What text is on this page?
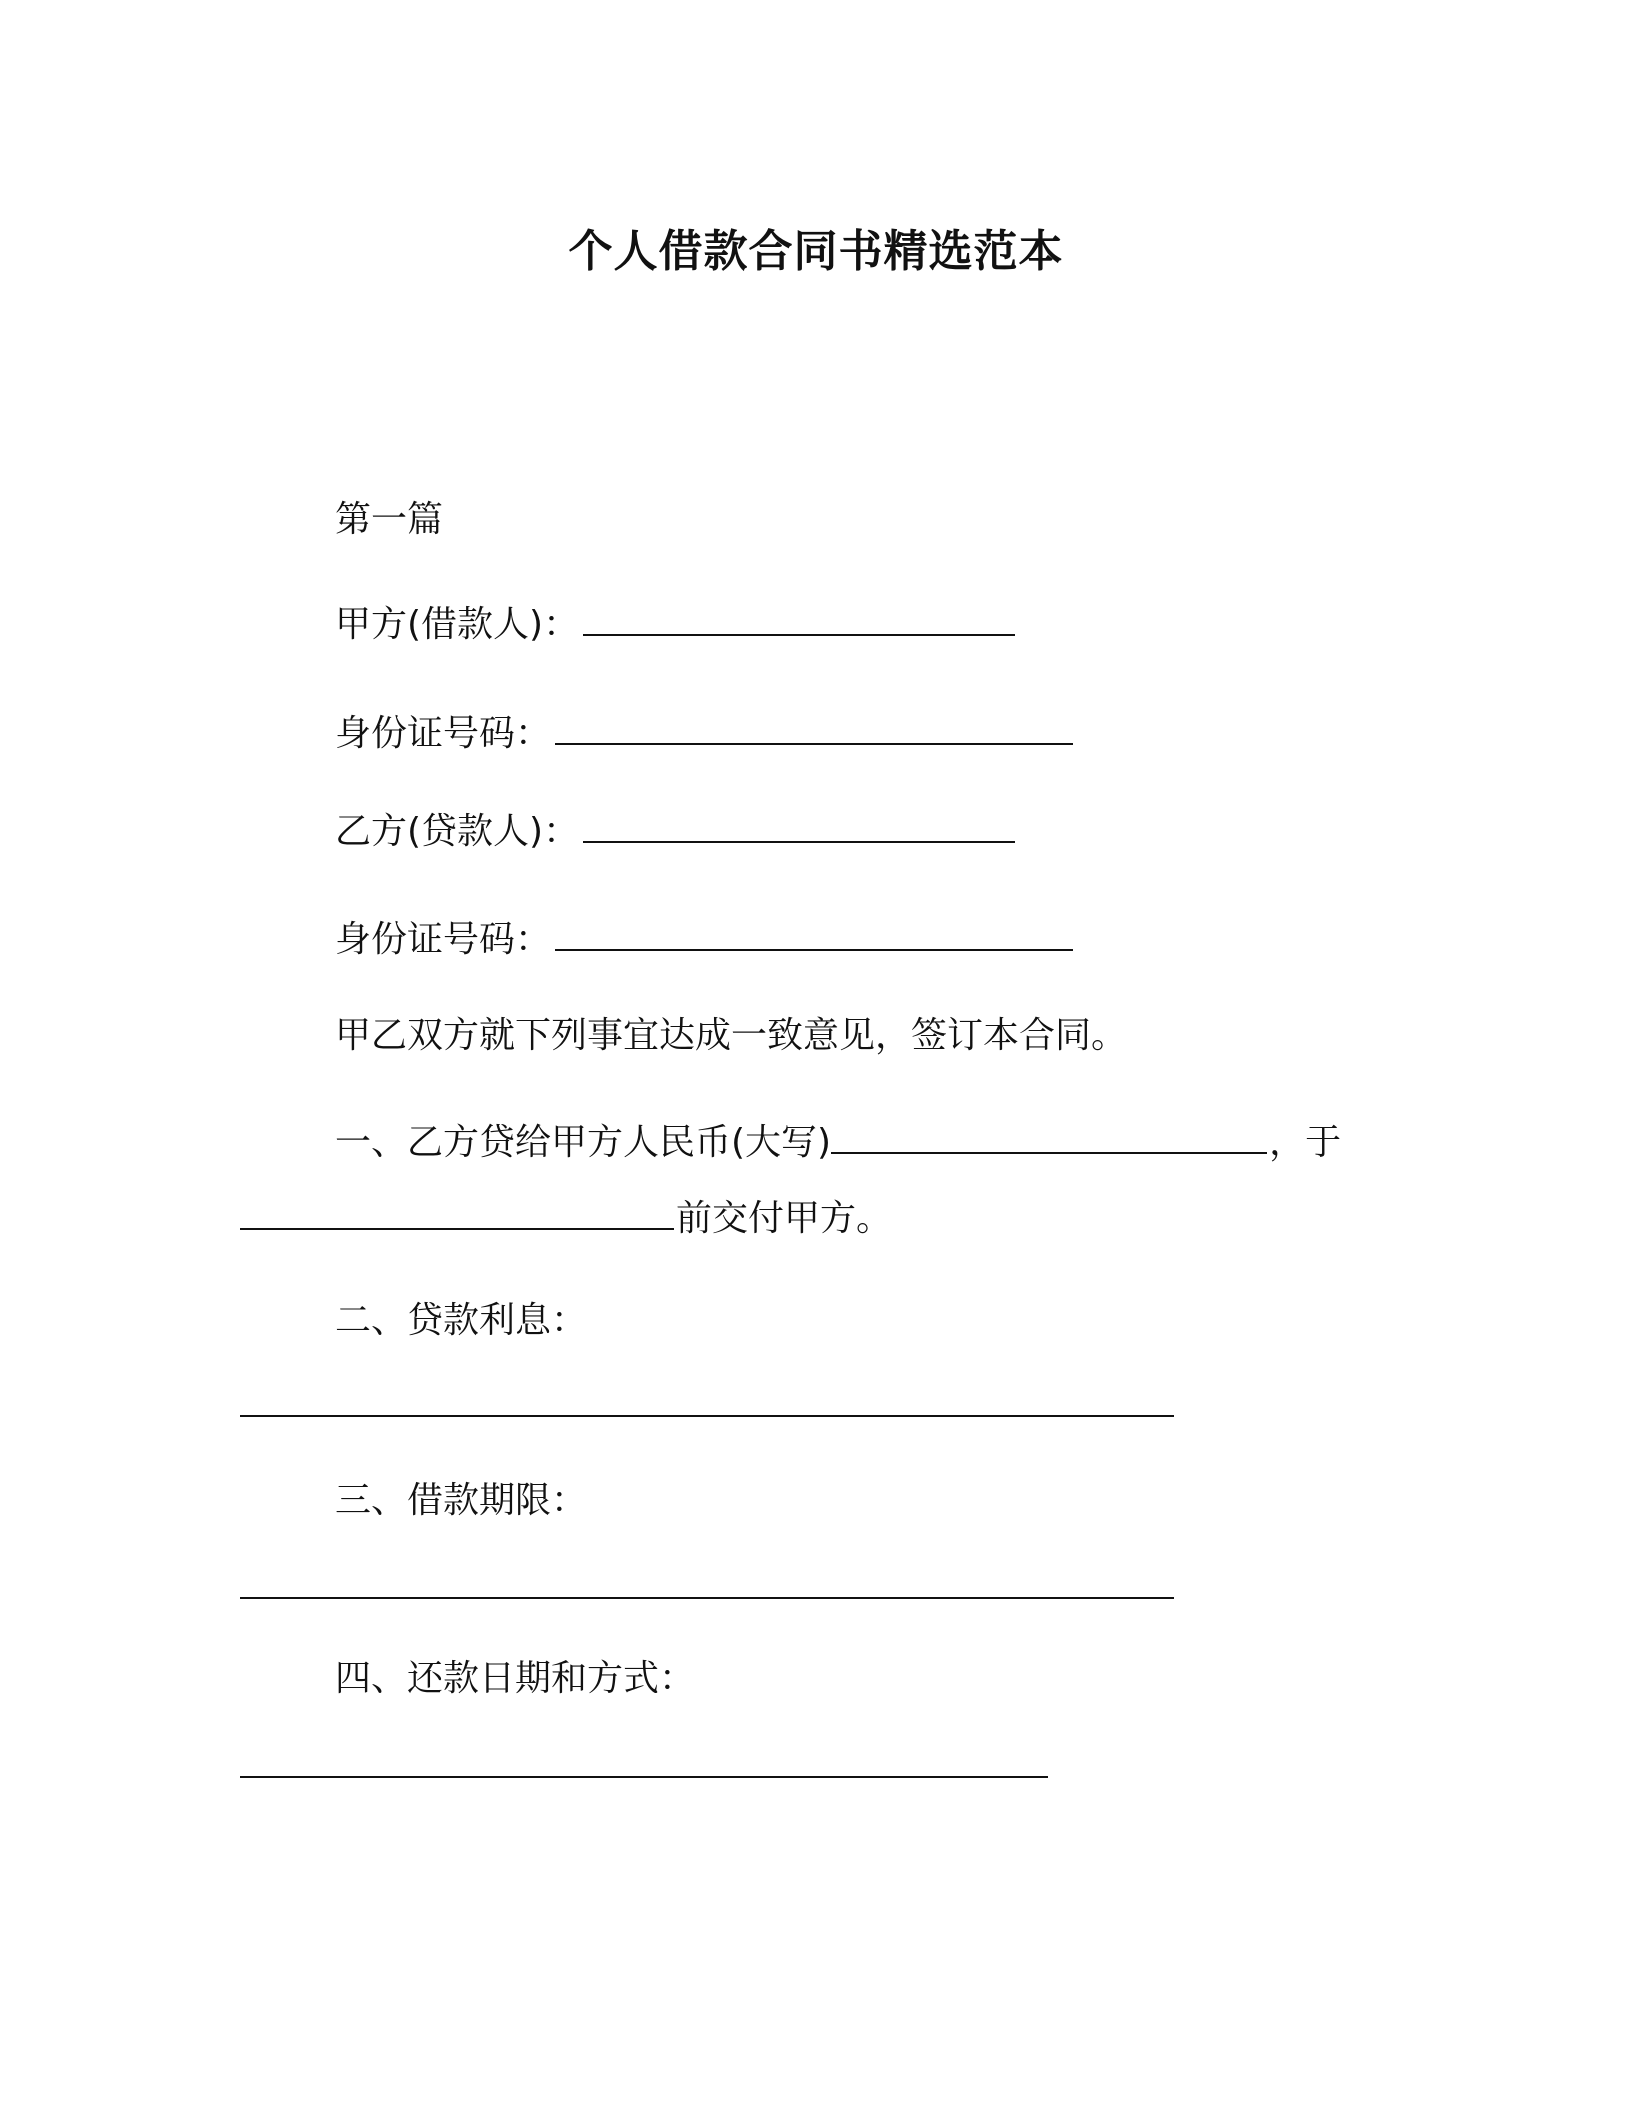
个人借款合同书精选范本
第一篇
甲方(借款人)：
身份证号码：
乙方(贷款人)：
身份证号码：
甲乙双方就下列事宜达成一致意见，签订本合同。
一、乙方贷给甲方人民币(大写)	，于
前交付甲方。
二、贷款利息：
三、借款期限：
四、还款日期和方式：
